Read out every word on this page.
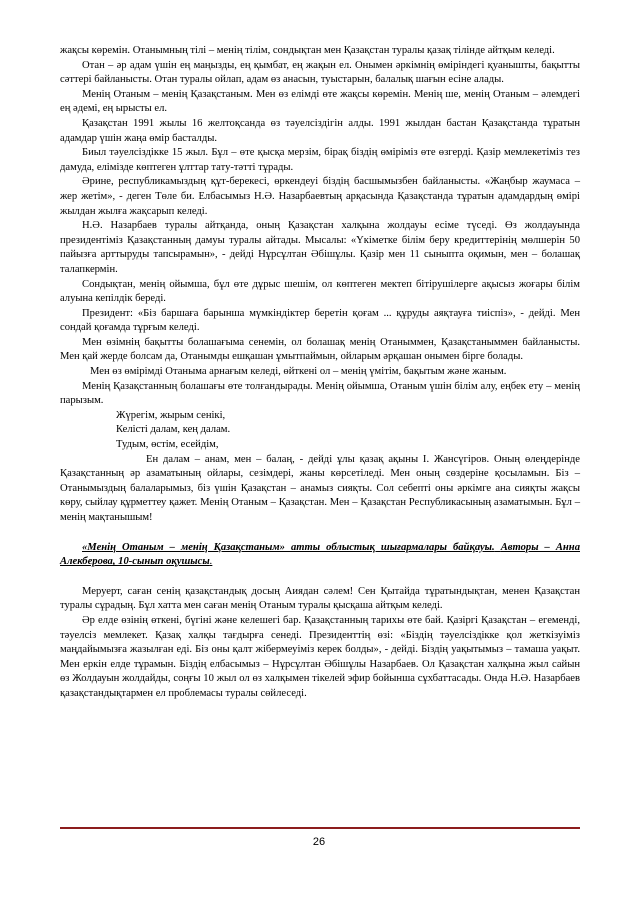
жақсы көремін. Отанымның тілі – менің тілім, сондықтан мен Қазақстан туралы қазақ тілінде айтқым келеді.

Отан – әр адам үшін ең маңызды, ең қымбат, ең жақын ел. Онымен әркімнің өміріндегі қуанышты, бақытты сәттері байланысты. Отан туралы ойлап, адам өз анасын, туыстарын, балалық шағын есіне алады.

Менің Отаным – менің Қазақстаным. Мен өз елімді өте жақсы көремін. Менің ше, менің Отаным – әлемдегі ең әдемі, ең ырысты ел.

Қазақстан 1991 жылы 16 желтоқсанда өз тәуелсіздігін алды. 1991 жылдан бастан Қазақстанда тұратын адамдар үшін жаңа өмір басталды.

Биыл тәуелсіздікке 15 жыл. Бұл – өте қысқа мерзім, бірақ біздің өміріміз өте өзгерді. Қазір мемлекетіміз тез дамуда, елімізде көптеген ұлттар тату-тәтті тұрады.

Әрине, республикамыздың құт-берекесі, өркендеуі біздің басшымызбен байланысты. «Жаңбыр жаумаса – жер жетім», - деген Төле би. Елбасымыз Н.Ә. Назарбаевтың арқасында Қазақстанда тұратын адамдардың өмірі жылдан жылға жақсарып келеді.

Н.Ә. Назарбаев туралы айтқанда, оның Қазақстан халқына жолдауы есіме түседі. Өз жолдауында президентіміз Қазақстанның дамуы туралы айтады. Мысалы: «Үкіметке білім беру кредиттерінің мөлшерін 50 пайызға арттыруды тапсырамын», - дейді Нұрсұлтан Әбішұлы. Қазір мен 11 сыныпта оқимын, мен – болашақ талапкермін.

Сондықтан, менің ойымша, бұл өте дұрыс шешім, ол көптеген мектеп бітірушілерге ақысыз жоғары білім алуына кепілдік береді.

Президент: «Біз баршаға барынша мүмкіндіктер беретін қоғам ... құруды аяқтауға тиіспіз», - дейді. Мен сондай қоғамда тұрғым келеді.

Мен өзімнің бақытты болашағыма сенемін, ол болашақ менің Отаныммен, Қазақстаныммен байланысты. Мен қай жерде болсам да, Отанымды ешқашан ұмытпаймын, ойларым әрқашан онымен бірге болады.

Мен өз өмірімді Отаныма арнағым келеді, өйткені ол – менің үмітім, бақытым және жаным.

Менің Қазақстанның болашағы өте толғандырады. Менің ойымша, Отаным үшін білім алу, еңбек ету – менің парызым.

Жүрегім, жырым сенікі,
Келісті далам, кең далам.
Тудым, өстім, есейдім,

Ен далам – анам, мен – балаң, - дейді ұлы қазақ ақыны І. Жансүгіров. Оның өлеңдерінде Қазақстанның әр азаматының ойлары, сезімдері, жаны көрсетіледі. Мен оның сөздеріне қосыламын. Біз – Отанымыздың балаларымыз, біз үшін Қазақстан – анамыз сияқты. Сол себепті оны әркімге ана сияқты жақсы көру, сыйлау құрметтеу қажет. Менің Отаным – Қазақстан. Мен – Қазақстан Республикасының азаматымын. Бұл – менің мақтанышым!

«Менің Отаным – менің Қазақстаным» атты облыстық шығармалары байқауы. Авторы – Анна Алекберова, 10-сынып оқушысы.

Меруерт, саған сенің қазақстандық досың Аиядан сәлем! Сен Қытайда тұратындықтан, менен Қазақстан туралы сұрадың. Бұл хатта мен саған менің Отаным туралы қысқаша айтқым келеді.

Әр елде өзінің өткені, бүгіні және келешегі бар. Қазақстанның тарихы өте бай. Қазіргі Қазақстан – егеменді, тәуелсіз мемлекет. Қазақ халқы тағдырға сенеді. Президенттің өзі: «Біздің тәуелсіздікке қол жеткізуіміз маңдайымызға жазылған еді. Біз оны қалт жібермеуіміз керек болды», - дейді. Біздің уақытымыз – тамаша уақыт. Мен еркін елде тұрамын. Біздің елбасымыз – Нұрсұлтан Әбішұлы Назарбаев. Ол Қазақстан халқына жыл сайын өз Жолдауын жолдайды, соңғы 10 жыл ол өз халқымен тікелей эфир бойынша сұхбаттасады. Онда Н.Ә. Назарбаев қазақстандықтармен ел проблемасы туралы сөйлеседі.

26
